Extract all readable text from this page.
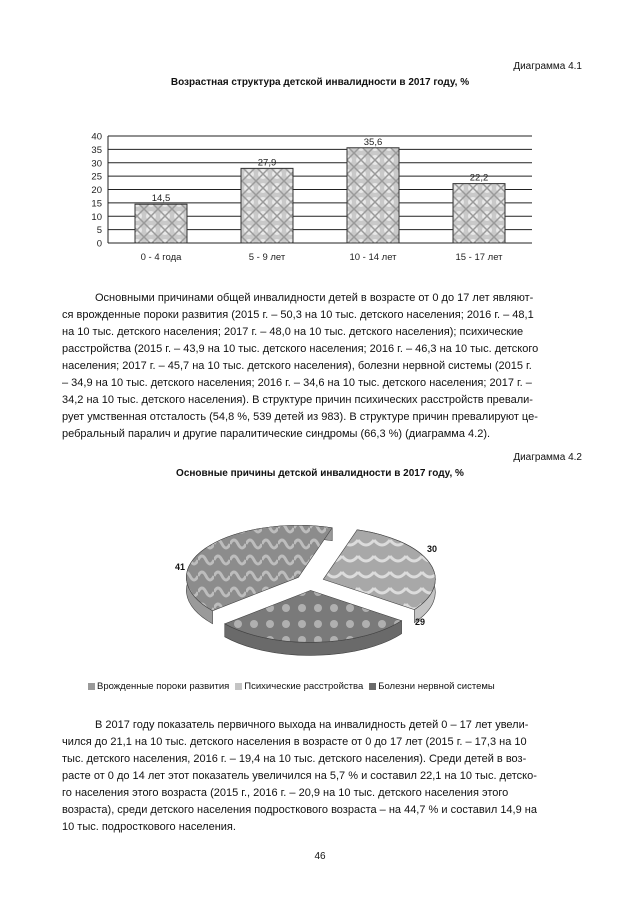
Диаграмма 4.1
Возрастная структура детской инвалидности в 2017 году, %
0
5
10
15
20
25
30
35
40
14,5
0 - 4 года
27,9
5 - 9 лет
35,6
10 - 14 лет
22,2
15 - 17 лет
Основными причинами общей инвалидности детей в возрасте от 0 до 17 лет являют-
ся врожденные пороки развития (2015 г. – 50,3 на 10 тыс. детского населения; 2016 г. – 48,1
на 10 тыс. детского населения; 2017 г. – 48,0 на 10 тыс. детского населения); психические
расстройства (2015 г. – 43,9 на 10 тыс. детского населения; 2016 г. – 46,3 на 10 тыс. детского
населения; 2017 г. – 45,7 на 10 тыс. детского населения), болезни нервной системы (2015 г.
– 34,9 на 10 тыс. детского населения; 2016 г. – 34,6 на 10 тыс. детского населения; 2017 г. –
34,2 на 10 тыс. детского населения). В структуре причин психических расстройств превали-
рует умственная отсталость (54,8 %, 539 детей из 983). В структуре причин превалируют це-
ребральный паралич и другие паралитические синдромы (66,3 %) (диаграмма 4.2).
Диаграмма 4.2
Основные причины детской инвалидности в 2017 году, %
41
30
29
Врожденные пороки развития Психические расстройства Болезни нервной системы
В 2017 году показатель первичного выхода на инвалидность детей 0 – 17 лет увели-
чился до 21,1 на 10 тыс. детского населения в возрасте от 0 до 17 лет (2015 г. – 17,3 на 10
тыс. детского населения, 2016 г. – 19,4 на 10 тыс. детского населения). Среди детей в воз-
расте от 0 до 14 лет этот показатель увеличился на 5,7 % и составил 22,1 на 10 тыс. детско-
го населения этого возраста (2015 г., 2016 г. – 20,9 на 10 тыс. детского населения этого
возраста), среди детского населения подросткового возраста – на 44,7 % и составил 14,9 на
10 тыс. подросткового населения.
46
